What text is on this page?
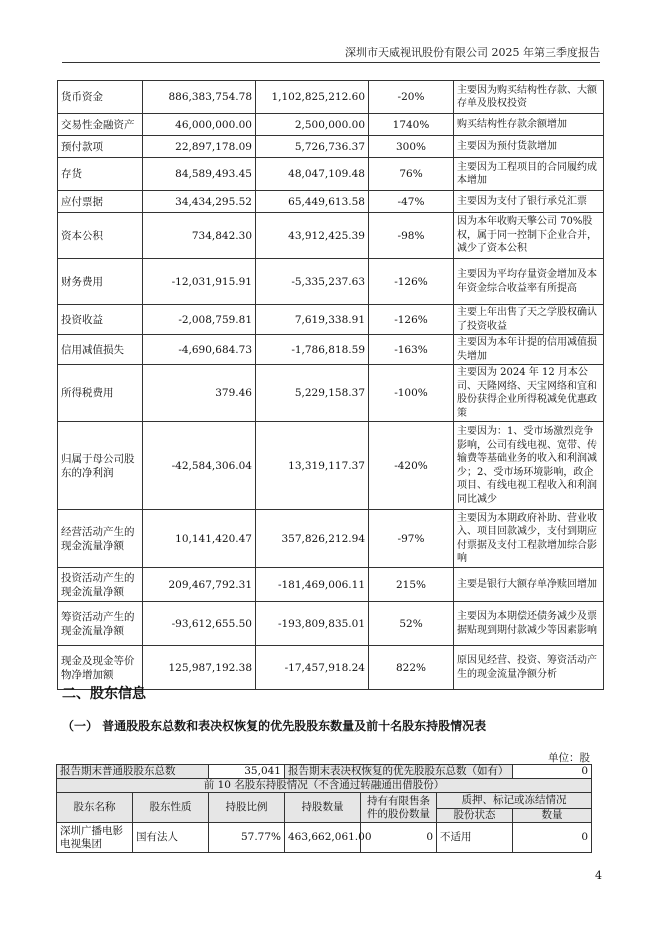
深圳市天威视讯股份有限公司 2025 年第三季度报告
货币资金	886,383,754.78	1,102,825,212.60	-20%	主要因为购买结构性存款、大额存单及股权投资
交易性金融资产	46,000,000.00	2,500,000.00	1740%	购买结构性存款余额增加
预付款项	22,897,178.09	5,726,736.37	300%	主要因为预付货款增加
存货	84,589,493.45	48,047,109.48	76%	主要因为工程项目的合同履约成本增加
应付票据	34,434,295.52	65,449,613.58	-47%	主要因为支付了银行承兑汇票
资本公积	734,842.30	43,912,425.39	-98%	因为本年收购天擎公司 70%股权，属于同一控制下企业合并，减少了资本公积
财务费用	-12,031,915.91	-5,335,237.63	-126%	主要因为平均存量资金增加及本年资金综合收益率有所提高
投资收益	-2,008,759.81	7,619,338.91	-126%	主要上年出售了天之学股权确认了投资收益
信用减值损失	-4,690,684.73	-1,786,818.59	-163%	主要因为本年计提的信用减值损失增加
所得税费用	379.46	5,229,158.37	-100%	主要因为 2024 年 12 月本公司、天隆网络、天宝网络和宜和股份获得企业所得税减免优惠政策
归属于母公司股东的净利润	-42,584,306.04	13,319,117.37	-420%	主要因为：1、受市场激烈竞争影响，公司有线电视、宽带、传输费等基础业务的收入和利润减少；2、受市场环境影响，政企项目、有线电视工程收入和利润同比减少
经营活动产生的现金流量净额	10,141,420.47	357,826,212.94	-97%	主要因为本期政府补助、营业收入、项目回款减少，支付到期应付票据及支付工程款增加综合影响
投资活动产生的现金流量净额	209,467,792.31	-181,469,006.11	215%	主要是银行大额存单净赎回增加
筹资活动产生的现金流量净额	-93,612,655.50	-193,809,835.01	52%	主要因为本期偿还债务减少及票据贴现到期付款减少等因素影响
现金及现金等价物净增加额	125,987,192.38	-17,457,918.24	822%	原因见经营、投资、筹资活动产生的现金流量净额分析
二、股东信息
（一） 普通股股东总数和表决权恢复的优先股股东数量及前十名股东持股情况表
单位：股
报告期末普通股股东总数		35,041	报告期末表决权恢复的优先股股东总数（如有）			0
前 10 名股东持股情况（不含通过转融通出借股份）						
股东名称	股东性质	持股比例	持股数量	持有有限售条件的股份数量	质押、标记或冻结情况	
					股份状态	数量
深圳广播电影电视集团	国有法人	57.77%	463,662,061.00	0	不适用	0
4
